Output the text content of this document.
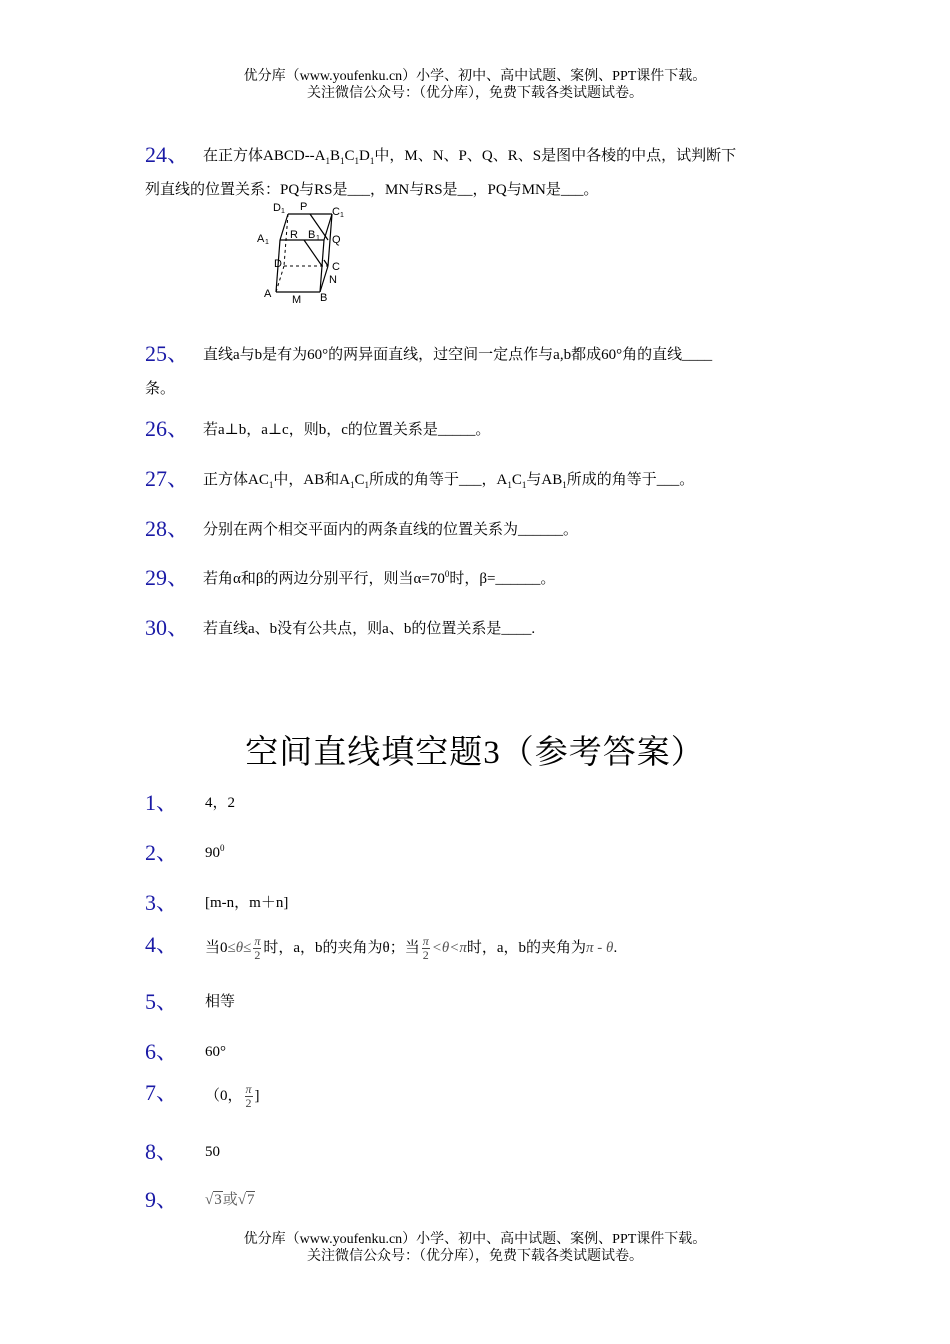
优分库（www.youfenku.cn）小学、初中、高中试题、案例、PPT课件下载。
关注微信公众号：（优分库），免费下载各类试题试卷。
24、 在正方体ABCD-$-A_1B_1C_1D_1$中，M、N、P、Q、R、S是图中各棱的中点，试判断下
列直线的位置关系：PQ与RS是___，MN与RS是__，PQ与MN是___。
D 1 P C 1
A 1
R B 1 Q
D	C
N
A M B
25、 直线a与b是有为60°的两异面直线，过空间一定点作与a,b都成60°角的直线____
条。
26、 若a⊥b，a⊥c，则b，c的位置关系是_____。
27、 正方体$AC_1$中，AB和$A_1C_1$所成的角等于___，$A_1C_1$与$AB_1$所成的角等于___。
28、 分别在两个相交平面内的两条直线的位置关系为______。
29、 若角α和β的两边分别平行，则当$\alpha=70^0$时，β=______。
30、 若直线a、b没有公共点，则a、b的位置关系是____.
空间直线填空题3（参考答案）
1、 4，2
2、 $90^0$
3、 [m-n，m＋n]
4、 当$0\le\theta\le \frac{\pi}{2}$ 时，a，b的夹角为θ；当 $\frac{\pi}{2} <\theta<\pi$时，a，b的夹角为π - θ.
5、 相等
6、 60°
7、 （0， $\frac{\pi}{2}$ ]
8、 50
9、 √3或√7
优分库（www.youfenku.cn）小学、初中、高中试题、案例、PPT课件下载。
关注微信公众号：（优分库），免费下载各类试题试卷。
